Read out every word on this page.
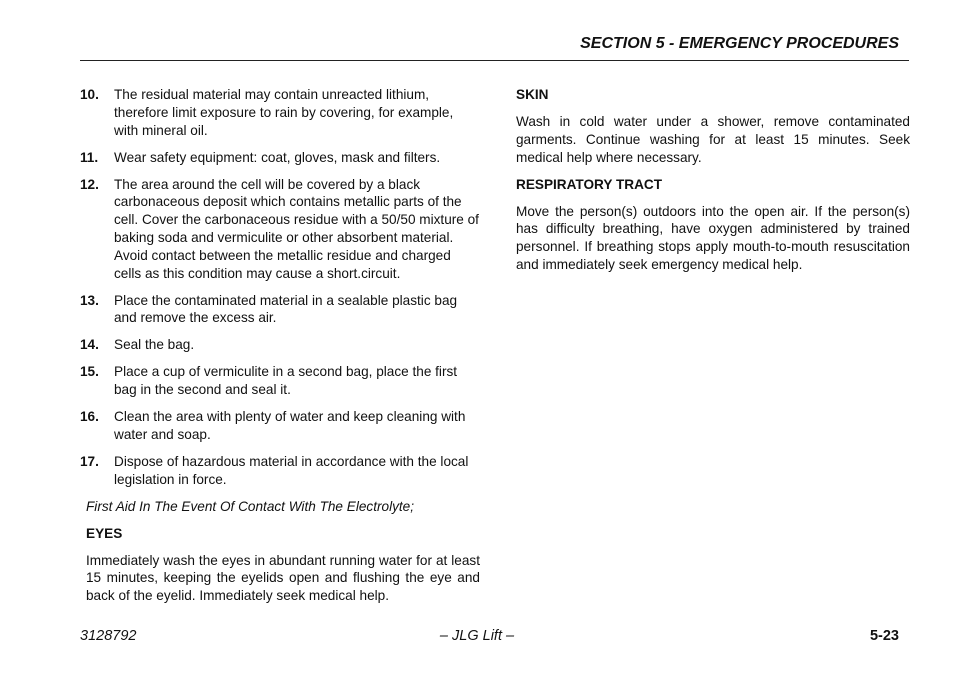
SECTION 5 - EMERGENCY PROCEDURES
10.	The residual material may contain unreacted lithium, therefore limit exposure to rain by covering, for example, with mineral oil.
11.	Wear safety equipment: coat, gloves, mask and filters.
12.	The area around the cell will be covered by a black carbonaceous deposit which contains metallic parts of the cell. Cover the carbonaceous residue with a 50/50 mixture of baking soda and vermiculite or other absorbent material. Avoid contact between the metallic residue and charged cells as this condition may cause a short.circuit.
13.	Place the contaminated material in a sealable plastic bag and remove the excess air.
14.	Seal the bag.
15.	Place a cup of vermiculite in a second bag, place the first bag in the second and seal it.
16.	Clean the area with plenty of water and keep cleaning with water and soap.
17.	Dispose of hazardous material in accordance with the local legislation in force.
First Aid In The Event Of Contact With The Electrolyte;
EYES
Immediately wash the eyes in abundant running water for at least 15 minutes, keeping the eyelids open and flushing the eye and back of the eyelid. Immediately seek medical help.
SKIN
Wash in cold water under a shower, remove contaminated garments. Continue washing for at least 15 minutes. Seek medical help where necessary.
RESPIRATORY TRACT
Move the person(s) outdoors into the open air. If the person(s) has difficulty breathing, have oxygen administered by trained personnel. If breathing stops apply mouth-to-mouth resuscitation and immediately seek emergency medical help.
– JLG Lift –
3128792	5-23
